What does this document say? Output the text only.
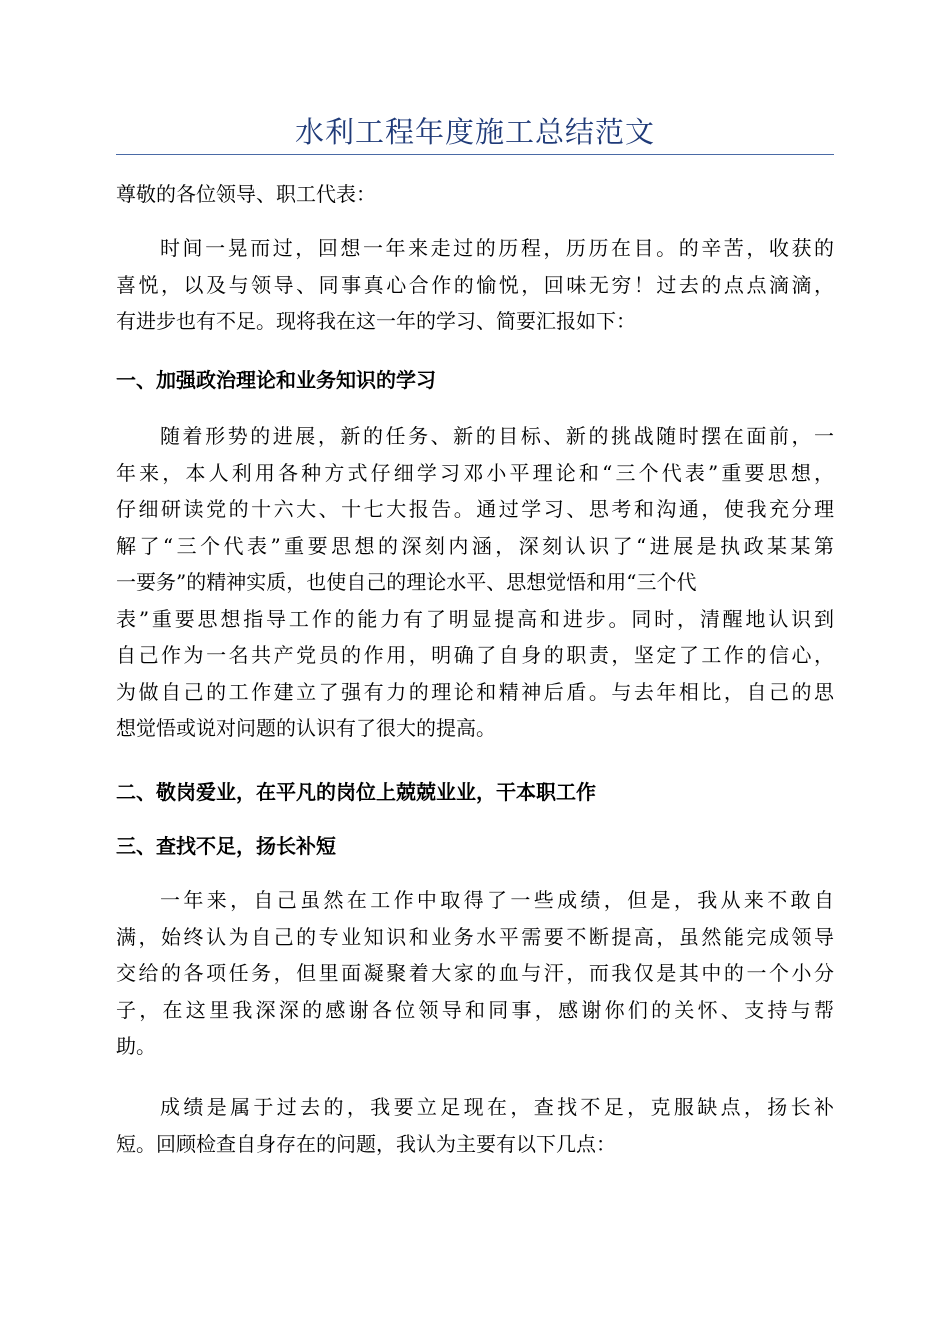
水利工程年度施工总结范文
尊敬的各位领导、职工代表：
时间一晃而过，回想一年来走过的历程，历历在目。的辛苦，收获的
喜悦，以及与领导、同事真心合作的愉悦，回味无穷！过去的点点滴滴，
有进步也有不足。现将我在这一年的学习、简要汇报如下：
一、加强政治理论和业务知识的学习
随着形势的进展，新的任务、新的目标、新的挑战随时摆在面前，一
年来，本人利用各种方式仔细学习邓小平理论和“三个代表”重要思想，
仔细研读党的十六大、十七大报告。通过学习、思考和沟通，使我充分理
解了“三个代表”重要思想的深刻内涵，深刻认识了“进展是执政某某第
一要务”的精神实质，也使自己的理论水平、思想觉悟和用“三个代
表”重要思想指导工作的能力有了明显提高和进步。同时，清醒地认识到
自己作为一名共产党员的作用，明确了自身的职责，坚定了工作的信心，
为做自己的工作建立了强有力的理论和精神后盾。与去年相比，自己的思
想觉悟或说对问题的认识有了很大的提高。
二、敬岗爱业，在平凡的岗位上兢兢业业，干本职工作
三、查找不足，扬长补短
一年来，自己虽然在工作中取得了一些成绩，但是，我从来不敢自
满，始终认为自己的专业知识和业务水平需要不断提高，虽然能完成领导
交给的各项任务，但里面凝聚着大家的血与汗，而我仅是其中的一个小分
子，在这里我深深的感谢各位领导和同事，感谢你们的关怀、支持与帮
助。
成绩是属于过去的，我要立足现在，查找不足，克服缺点，扬长补
短。回顾检查自身存在的问题，我认为主要有以下几点：
